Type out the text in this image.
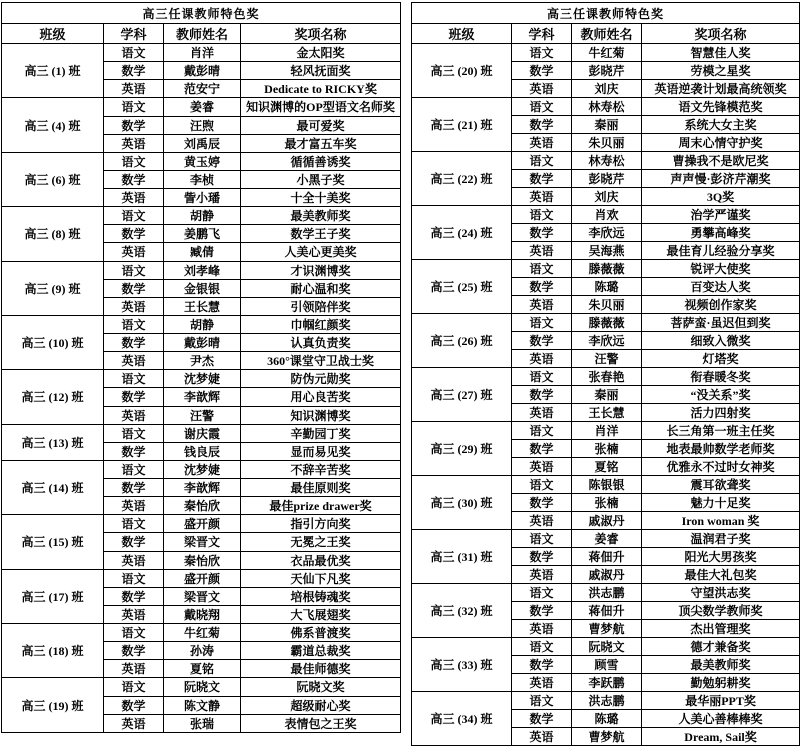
高三任课教师特色奖			
班级	学科	教师姓名	奖项名称
高三 (1) 班	语文	肖洋	金太阳奖
	数学	戴彭晴	轻风抚面奖
	英语	范安宁	Dedicate to RICKY奖
高三 (4) 班	语文	姜睿	知识渊博的OP型语文名师奖
	数学	汪煦	最可爱奖
	英语	刘禹辰	最才富五车奖
高三 (6) 班	语文	黄玉婷	循循善诱奖
	数学	李桢	小黑子奖
	英语	訾小璠	十全十美奖
高三 (8) 班	语文	胡静	最美教师奖
	数学	姜鹏飞	数学王子奖
	英语	臧倩	人美心更美奖
高三 (9) 班	语文	刘孝峰	才识渊博奖
	数学	金银银	耐心温和奖
	英语	王长慧	引领陪伴奖
高三 (10) 班	语文	胡静	巾帼红颜奖
	数学	戴彭晴	认真负责奖
	英语	尹杰	360°课堂守卫战士奖
高三 (12) 班	语文	沈梦婕	防伪元勋奖
	数学	李歆辉	用心良苦奖
	英语	汪警	知识渊博奖
高三 (13) 班	语文	谢庆霞	辛勤园丁奖
	数学	钱良辰	显而易见奖
高三 (14) 班	语文	沈梦婕	不辞辛苦奖
	数学	李歆辉	最佳原则奖
	英语	秦怡欣	最佳prize drawer奖
高三 (15) 班	语文	盛开颜	指引方向奖
	数学	梁晋文	无冕之王奖
	英语	秦怡欣	衣品最优奖
高三 (17) 班	语文	盛开颜	天仙下凡奖
	数学	梁晋文	培根铸魂奖
	英语	戴晓翔	大飞展翅奖
高三 (18) 班	语文	牛红菊	佛系普渡奖
	数学	孙涛	霸道总裁奖
	英语	夏铭	最佳师德奖
高三 (19) 班	语文	阮晓文	阮晓文奖
	数学	陈文静	超级耐心奖
	英语	张瑞	表情包之王奖
高三任课教师特色奖			
班级	学科	教师姓名	奖项名称
高三 (20) 班	语文	牛红菊	智慧佳人奖
	数学	彭晓芹	劳模之星奖
	英语	刘庆	英语逆袭计划最高统领奖
高三 (21) 班	语文	林寿松	语文先锋模范奖
	数学	秦丽	系统大女主奖
	英语	朱贝丽	周末心情守护奖
高三 (22) 班	语文	林寿松	曹操我不是欧尼奖
	数学	彭晓芹	声声慢·彭济芹潮奖
	英语	刘庆	3Q奖
高三 (24) 班	语文	肖欢	治学严谨奖
	数学	李欣远	勇攀高峰奖
	英语	吴海燕	最佳育儿经验分享奖
高三 (25) 班	语文	滕薇薇	锐评大使奖
	数学	陈璐	百变达人奖
	英语	朱贝丽	视频创作家奖
高三 (26) 班	语文	滕薇薇	菩萨蛮·虽迟但到奖
	数学	李欣远	细致入微奖
	英语	汪警	灯塔奖
高三 (27) 班	语文	张春艳	衔春暖冬奖
	数学	秦丽	“没关系”奖
	英语	王长慧	活力四射奖
高三 (29) 班	语文	肖洋	长三角第一班主任奖
	数学	张楠	地表最帅数学老师奖
	英语	夏铭	优雅永不过时女神奖
高三 (30) 班	语文	陈银银	震耳欲聋奖
	数学	张楠	魅力十足奖
	英语	戚淑丹	Iron woman 奖
高三 (31) 班	语文	姜睿	温润君子奖
	数学	蒋佃升	阳光大男孩奖
	英语	戚淑丹	最佳大礼包奖
高三 (32) 班	语文	洪志鹏	守望洪志奖
	数学	蒋佃升	顶尖数学教师奖
	英语	曹梦航	杰出管理奖
高三 (33) 班	语文	阮晓文	德才兼备奖
	数学	顾雪	最美教师奖
	英语	李跃鹏	勤勉躬耕奖
高三 (34) 班	语文	洪志鹏	最华丽PPT奖
	数学	陈璐	人美心善棒棒奖
	英语	曹梦航	Dream, Sail奖
